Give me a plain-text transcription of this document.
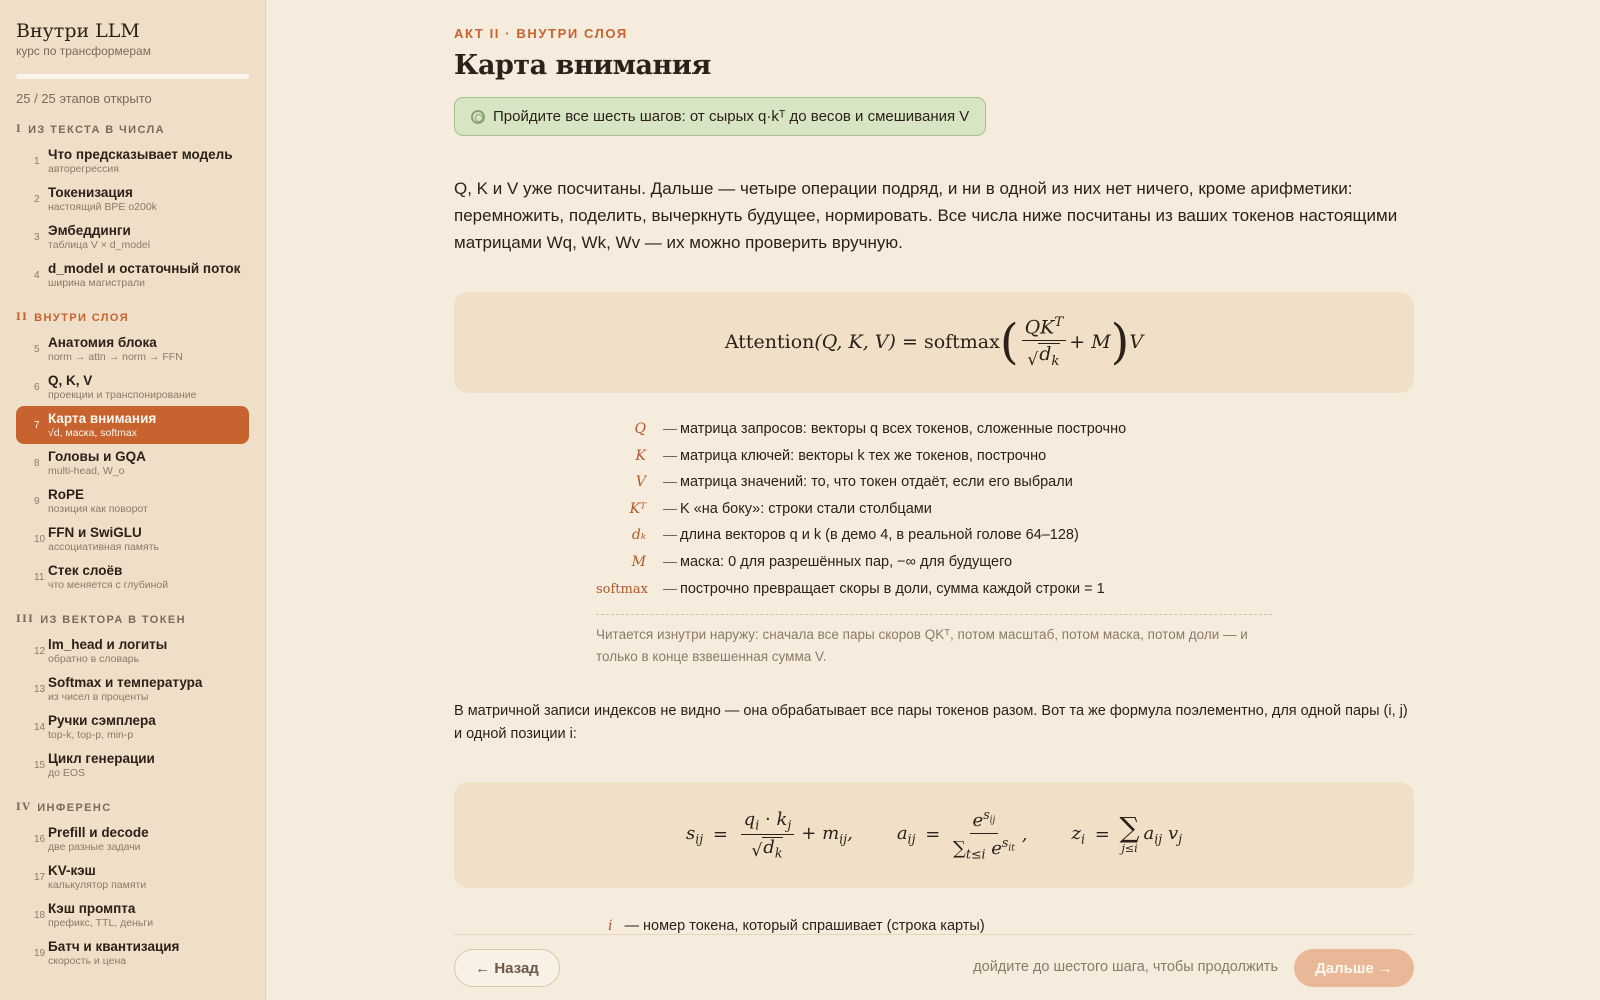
Внутри LLM
курс по трансформерам
25 / 25 этапов открыто
I ИЗ ТЕКСТА В ЧИСЛА
1 Что предсказывает модель
авторегрессия
2 Токенизация
настоящий BPE o200k
3 Эмбеддинги
таблица V × d_model
4 d_model и остаточный поток
ширина магистрали
II ВНУТРИ СЛОЯ
5 Анатомия блока
norm → attn → norm → FFN
6 Q, K, V
проекции и транспонирование
7 Карта внимания
√d, маска, softmax
8 Головы и GQA
multi-head, W_o
9 RoPE
позиция как поворот
10 FFN и SwiGLU
ассоциативная память
11 Стек слоёв
что меняется с глубиной
III ИЗ ВЕКТОРА В ТОКЕН
12 lm_head и логиты
обратно в словарь
13 Softmax и температура
из чисел в проценты
14 Ручки сэмплера
top-k, top-p, min-p
15 Цикл генерации
до EOS
IV ИНФЕРЕНС
16 Prefill и decode
две разные задачи
17 KV-кэш
калькулятор памяти
18 Кэш промпта
префикс, TTL, деньги
19 Батч и квантизация
скорость и цена
АКТ II · ВНУТРИ СЛОЯ
Карта внимания
Пройдите все шесть шагов: от сырых q·kᵀ до весов и смешивания V

Q, K и V уже посчитаны. Дальше — четыре операции подряд, и ни в одной из них нет ничего, кроме арифметики: перемножить, поделить, вычеркнуть будущее, нормировать. Все числа ниже посчитаны из ваших токенов настоящими матрицами Wq, Wk, Wv — их можно проверить вручную.

Attention (Q, K, V)
=
softmax ( $\frac{QK^T}{√ d_k} + M$ ) V
Q — матрица запросов: векторы q всех токенов, сложенные построчно
K — матрица ключей: векторы k тех же токенов, построчно
V — матрица значений: то, что токен отдаёт, если его выбрали
Kᵀ — K «на боку»: строки стали столбцами
dₖ — длина векторов q и k (в демо 4, в реальной голове 64–128)
M — маска: 0 для разрешённых пар, −∞ для будущего
softmax — построчно превращает скоры в доли, сумма каждой строки = 1
Читается изнутри наружу: сначала все пары скоров QKᵀ, потом масштаб, потом маска, потом доли — и только в конце взвешенная сумма V.

В матричной записи индексов не видно — она обрабатывает все пары токенов разом. Вот та же формула поэлементно, для одной пары (i, j) и одной позиции i:

$s_{ij} = \frac{q_i \cdot k_j}{√ d_k} + m_{ij}$, $a_{ij} = \frac{e^{s_{ij}}}{\sum_{t\le i} e^{s_{it}}}$ , $z_i$ = ∑
j≤i
$a_{ij}$ $v_j$
i — номер токена, который спрашивает (строка карты)
← Назад	дойдите до шестого шага, чтобы продолжить	Дальше →
